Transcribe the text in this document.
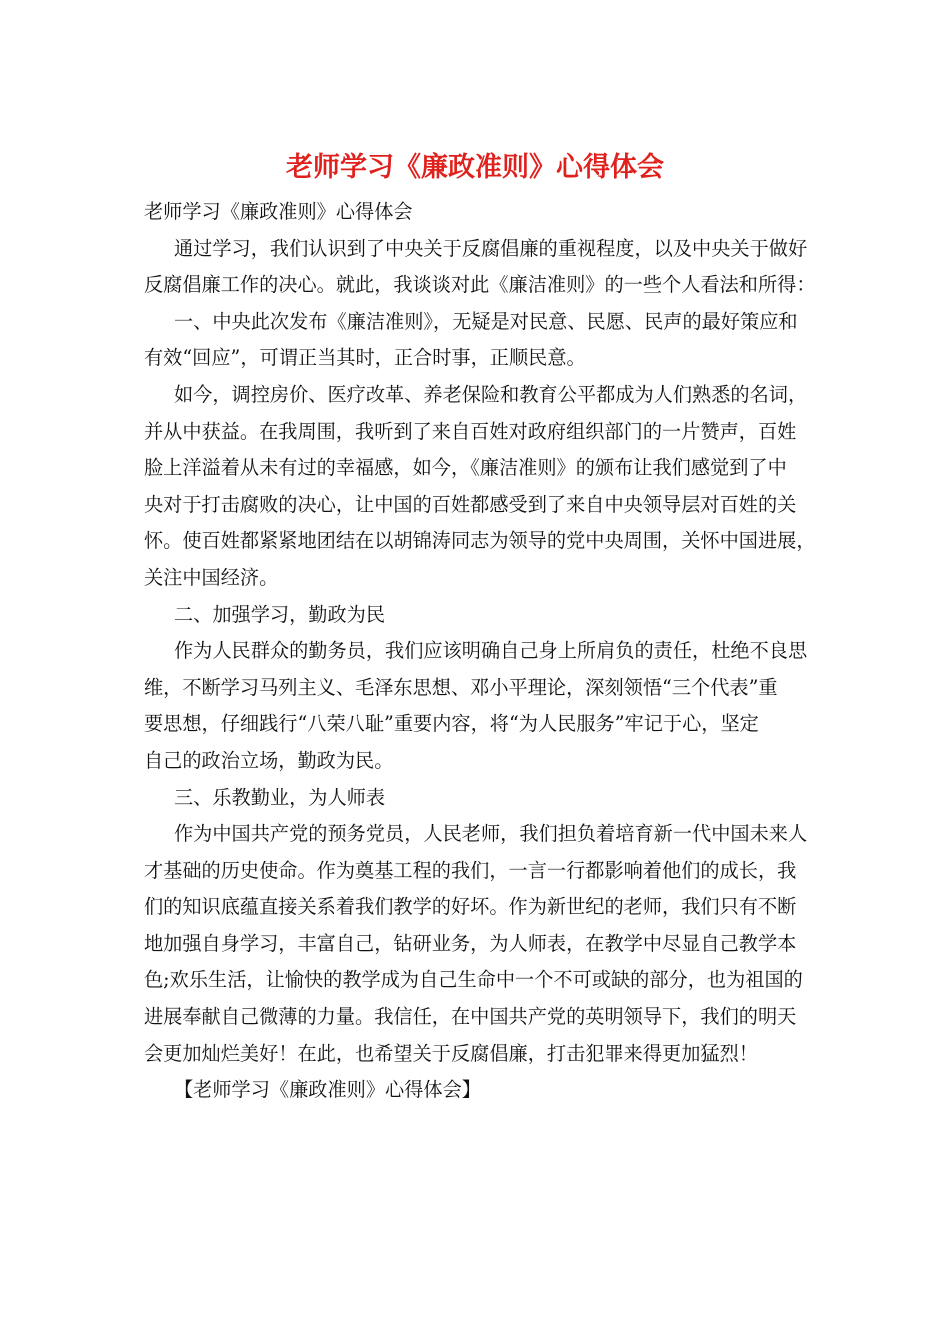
老师学习《廉政准则》心得体会
老师学习《廉政准则》心得体会
通过学习，我们认识到了中央关于反腐倡廉的重视程度，以及中央关于做好
反腐倡廉工作的决心。就此，我谈谈对此《廉洁准则》的一些个人看法和所得：
一、中央此次发布《廉洁准则》，无疑是对民意、民愿、民声的最好策应和
有效“回应”，可谓正当其时，正合时事，正顺民意。
如今，调控房价、医疗改革、养老保险和教育公平都成为人们熟悉的名词，
并从中获益。在我周围，我听到了来自百姓对政府组织部门的一片赞声，百姓
脸上洋溢着从未有过的幸福感，如今，《廉洁准则》的颁布让我们感觉到了中
央对于打击腐败的决心，让中国的百姓都感受到了来自中央领导层对百姓的关
怀。使百姓都紧紧地团结在以胡锦涛同志为领导的党中央周围，关怀中国进展，
关注中国经济。
二、加强学习，勤政为民
作为人民群众的勤务员，我们应该明确自己身上所肩负的责任，杜绝不良思
维，不断学习马列主义、毛泽东思想、邓小平理论，深刻领悟“三个代表”重
要思想，仔细践行“八荣八耻”重要内容，将“为人民服务”牢记于心，坚定
自己的政治立场，勤政为民。
三、乐教勤业，为人师表
作为中国共产党的预务党员，人民老师，我们担负着培育新一代中国未来人
才基础的历史使命。作为奠基工程的我们，一言一行都影响着他们的成长，我
们的知识底蕴直接关系着我们教学的好坏。作为新世纪的老师，我们只有不断
地加强自身学习，丰富自己，钻研业务，为人师表，在教学中尽显自己教学本
色;欢乐生活，让愉快的教学成为自己生命中一个不可或缺的部分，也为祖国的
进展奉献自己微薄的力量。我信任，在中国共产党的英明领导下，我们的明天
会更加灿烂美好！在此，也希望关于反腐倡廉，打击犯罪来得更加猛烈！
【老师学习《廉政准则》心得体会】
